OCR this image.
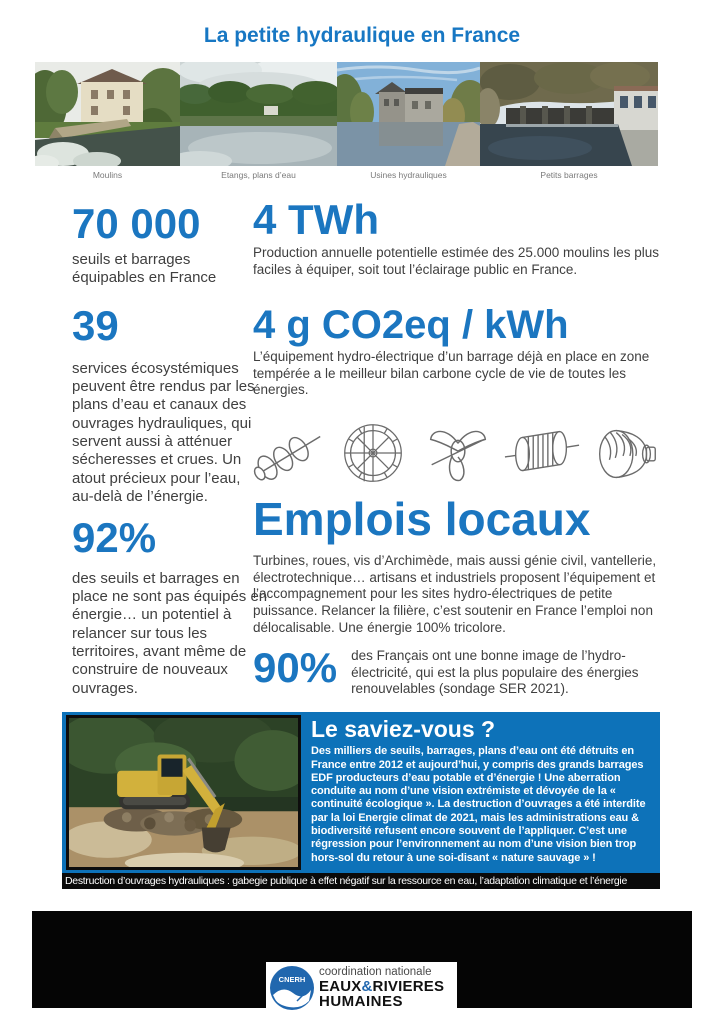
La petite hydraulique en France
Moulins	Etangs, plans d’eau	Usines hydrauliques	Petits barrages

70 000

seuils et barrages équipables en France

39

services écosystémiques peuvent être rendus par les plans d’eau et canaux des ouvrages hydrauliques, qui servent aussi à atténuer sécheresses et crues. Un atout précieux pour l’eau, au-delà de l’énergie.

92%

des seuils et barrages en place ne sont pas équipés en énergie… un potentiel à relancer sur tous les territoires, avant même de construire de nouveaux ouvrages.

4 TWh

Production annuelle potentielle estimée des 25.000 moulins les plus faciles à équiper, soit tout l’éclairage public en France.

4 g CO2eq / kWh

L’équipement hydro-électrique d’un barrage déjà en place en zone tempérée a le meilleur bilan carbone cycle de vie de toutes les énergies.

Emplois locaux

Turbines, roues, vis d’Archimède, mais aussi génie civil, vantellerie, électrotechnique… artisans et industriels proposent l’équipement et l’accompagnement pour les sites hydro-électriques de petite puissance. Relancer la filière, c’est soutenir en France l’emploi non délocalisable. Une énergie 100% tricolore.

90% des Français ont une bonne image de l’hydro-électricité, qui est la plus populaire des énergies renouvelables (sondage SER 2021).

Le saviez-vous ?

Des milliers de seuils, barrages, plans d’eau ont été détruits en France entre 2012 et aujourd’hui, y compris des grands barrages EDF producteurs d’eau potable et d’énergie ! Une aberration conduite au nom d’une vision extrémiste et dévoyée de la « continuité écologique ». La destruction d’ouvrages a été interdite par la loi Energie climat de 2021, mais les administrations eau & biodiversité refusent encore souvent de l’appliquer. C’est une régression pour l’environnement au nom d’une vision bien trop hors-sol du retour à une soi-disant « nature sauvage » !

Destruction d’ouvrages hydrauliques : gabegie publique à effet négatif sur la ressource en eau, l’adaptation climatique et l’énergie
CNERH
coordination nationale
EAUX&RIVIERES
HUMAINES
